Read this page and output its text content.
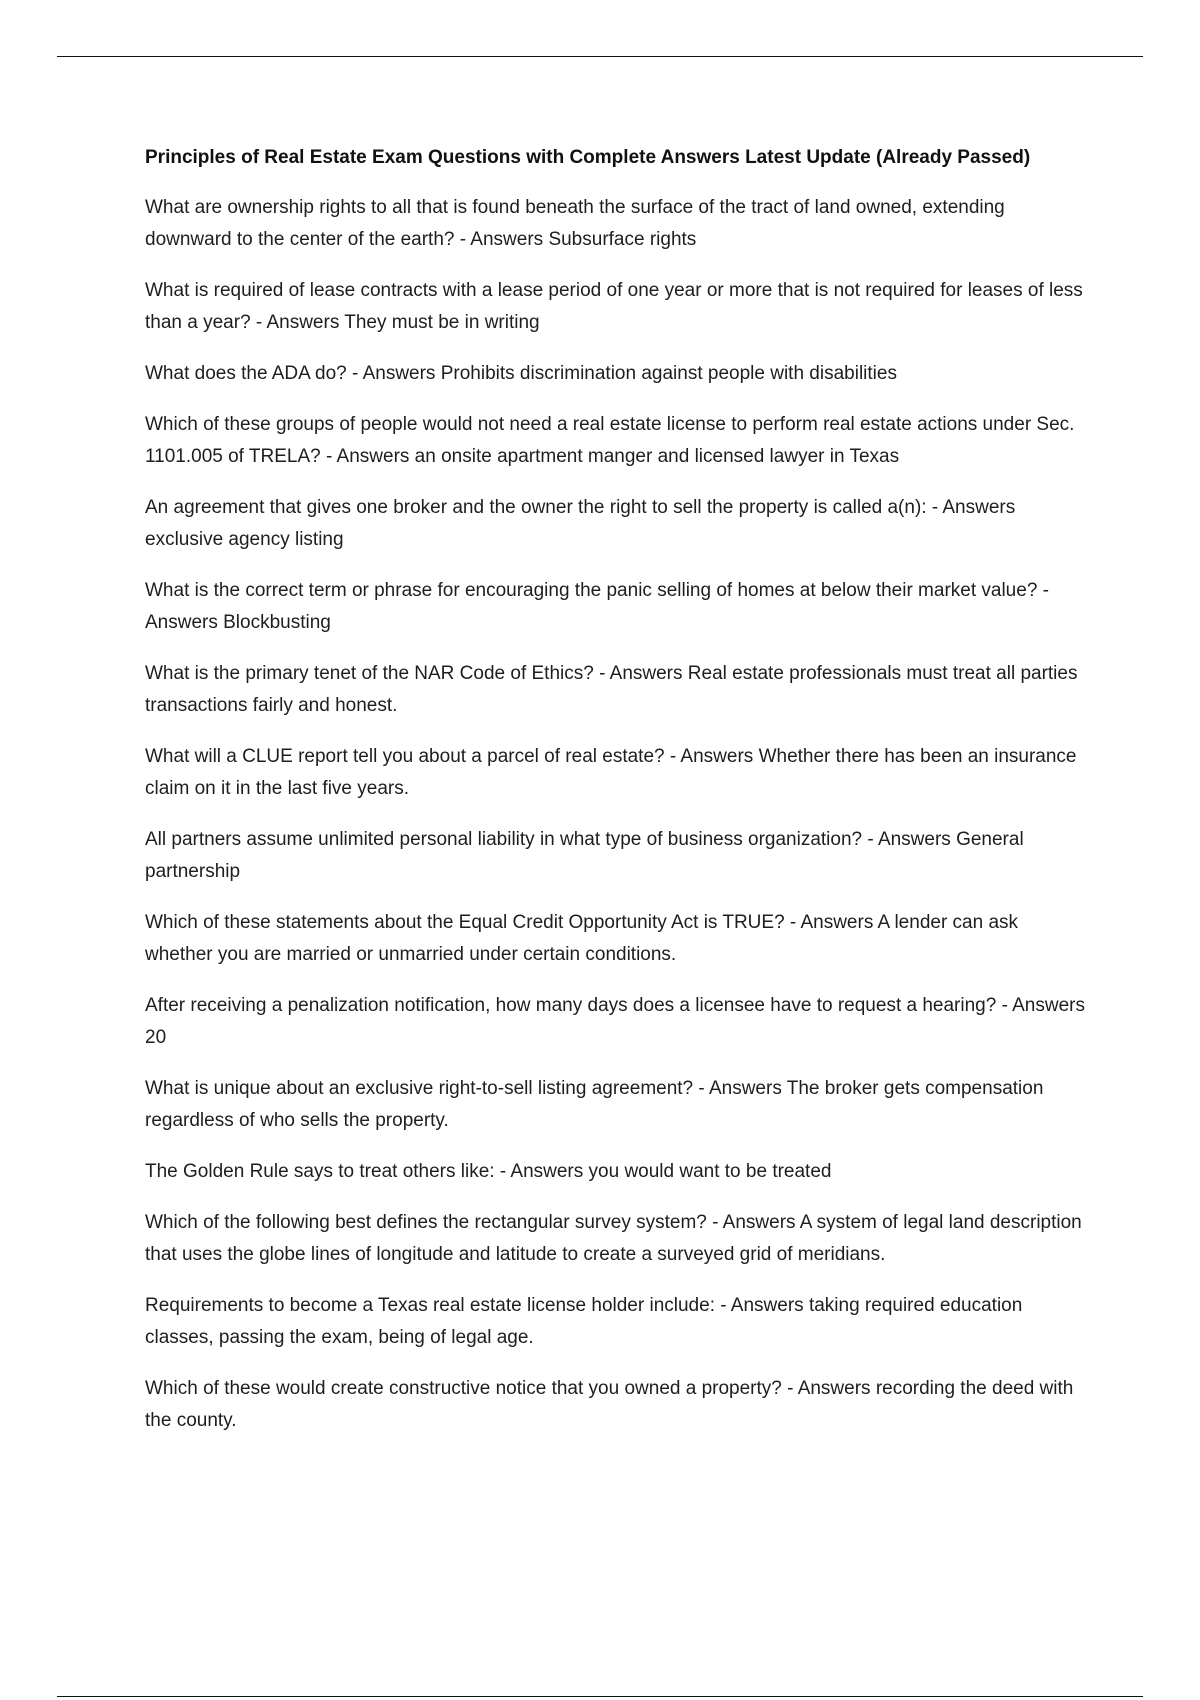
Principles of Real Estate Exam Questions with Complete Answers Latest Update (Already Passed)

What are ownership rights to all that is found beneath the surface of the tract of land owned, extending downward to the center of the earth? - Answers Subsurface rights

What is required of lease contracts with a lease period of one year or more that is not required for leases of less than a year? - Answers They must be in writing

What does the ADA do? - Answers Prohibits discrimination against people with disabilities

Which of these groups of people would not need a real estate license to perform real estate actions under Sec. 1101.005 of TRELA? - Answers an onsite apartment manger and licensed lawyer in Texas

An agreement that gives one broker and the owner the right to sell the property is called a(n): - Answers exclusive agency listing

What is the correct term or phrase for encouraging the panic selling of homes at below their market value? - Answers Blockbusting

What is the primary tenet of the NAR Code of Ethics? - Answers Real estate professionals must treat all parties transactions fairly and honest.

What will a CLUE report tell you about a parcel of real estate? - Answers Whether there has been an insurance claim on it in the last five years.

All partners assume unlimited personal liability in what type of business organization? - Answers General partnership

Which of these statements about the Equal Credit Opportunity Act is TRUE? - Answers A lender can ask whether you are married or unmarried under certain conditions.

After receiving a penalization notification, how many days does a licensee have to request a hearing? - Answers 20

What is unique about an exclusive right-to-sell listing agreement? - Answers The broker gets compensation regardless of who sells the property.

The Golden Rule says to treat others like: - Answers you would want to be treated

Which of the following best defines the rectangular survey system? - Answers A system of legal land description that uses the globe lines of longitude and latitude to create a surveyed grid of meridians.

Requirements to become a Texas real estate license holder include: - Answers taking required education classes, passing the exam, being of legal age.

Which of these would create constructive notice that you owned a property? - Answers recording the deed with the county.
